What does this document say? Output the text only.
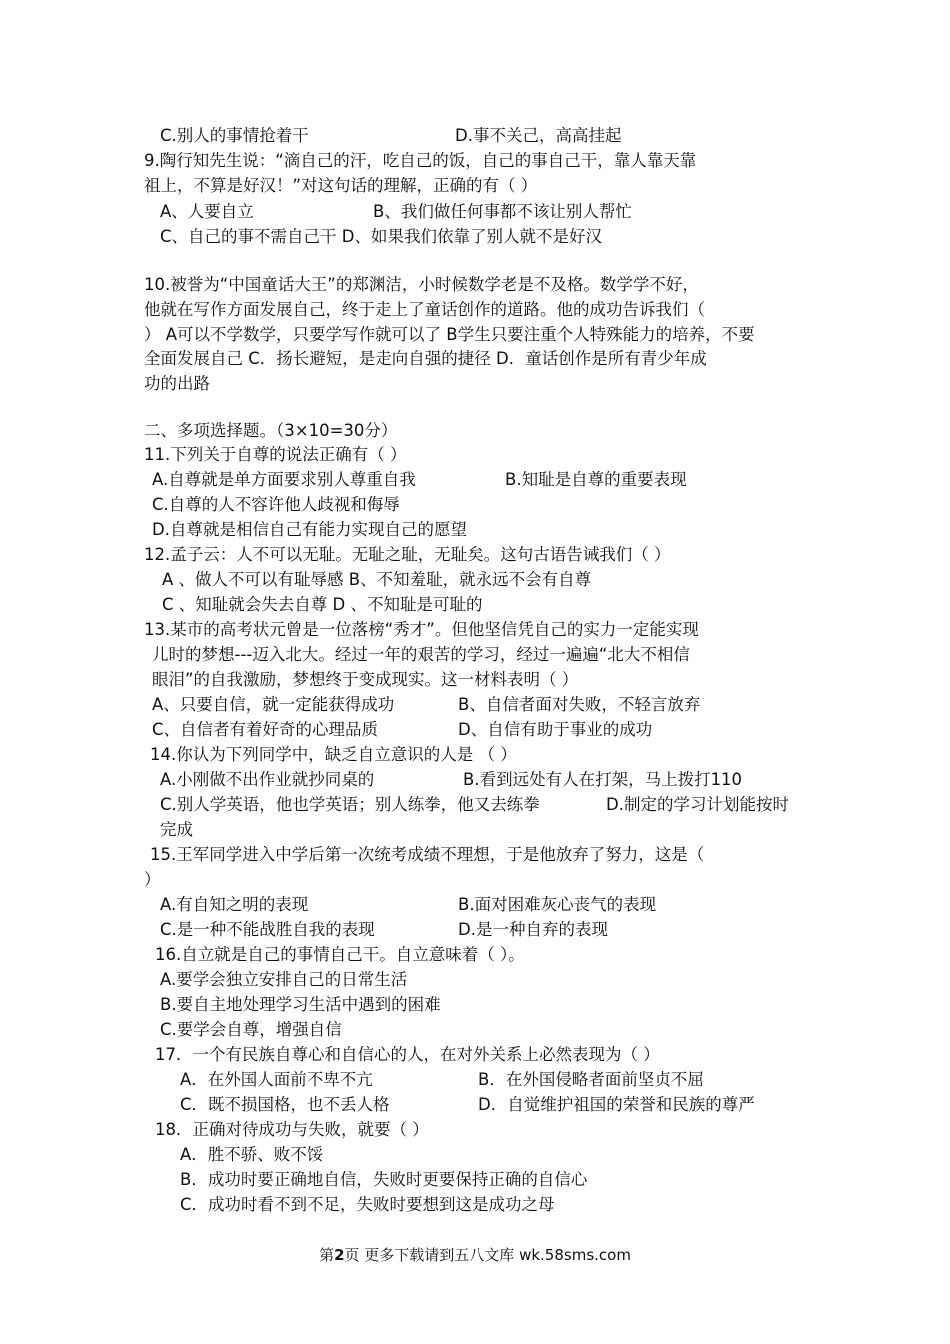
C.别人的事情抢着干	D.事不关己，高高挂起
9.陶行知先生说：“滴自己的汗，吃自己的饭，自己的事自己干，靠人靠天靠
祖上，不算是好汉！”对这句话的理解，正确的有（ ）
A、人要自立	B、我们做任何事都不该让别人帮忙
C、自己的事不需自己干 D、如果我们依靠了别人就不是好汉
10.被誉为“中国童话大王”的郑渊洁，小时候数学老是不及格。数学学不好，
他就在写作方面发展自己，终于走上了童话创作的道路。他的成功告诉我们（
） A可以不学数学，只要学写作就可以了 B学生只要注重个人特殊能力的培养，不要
全面发展自己 C．扬长避短，是走向自强的捷径 D．童话创作是所有青少年成
功的出路
二、多项选择题。（3×10=30分）
11.下列关于自尊的说法正确有（ ）
A.自尊就是单方面要求别人尊重自我	B.知耻是自尊的重要表现
C.自尊的人不容许他人歧视和侮辱
D.自尊就是相信自己有能力实现自己的愿望
12.孟子云：人不可以无耻。无耻之耻，无耻矣。这句古语告诫我们（ ）
A 、做人不可以有耻辱感 B、不知羞耻，就永远不会有自尊
C 、知耻就会失去自尊 D 、不知耻是可耻的
13.某市的高考状元曾是一位落榜“秀才”。但他坚信凭自己的实力一定能实现
儿时的梦想---迈入北大。经过一年的艰苦的学习，经过一遍遍“北大不相信
眼泪”的自我激励，梦想终于变成现实。这一材料表明（ ）
A、只要自信，就一定能获得成功	B、自信者面对失败，不轻言放弃
C、自信者有着好奇的心理品质	D、自信有助于事业的成功
14.你认为下列同学中，缺乏自立意识的人是 （ ）
A.小刚做不出作业就抄同桌的	B.看到远处有人在打架，马上拨打110
C.别人学英语，他也学英语；别人练拳，他又去练拳	D.制定的学习计划能按时
完成
15.王军同学进入中学后第一次统考成绩不理想，于是他放弃了努力，这是（
）
A.有自知之明的表现	B.面对困难灰心丧气的表现
C.是一种不能战胜自我的表现	D.是一种自弃的表现
16.自立就是自己的事情自己干。自立意味着（ ）。
A.要学会独立安排自己的日常生活
B.要自主地处理学习生活中遇到的困难
C.要学会自尊，增强自信
17．一个有民族自尊心和自信心的人，在对外关系上必然表现为（ ）
A．在外国人面前不卑不亢	B．在外国侵略者面前坚贞不屈
C．既不损国格，也不丢人格	D．自觉维护祖国的荣誉和民族的尊严
18．正确对待成功与失败，就要（ ）
A．胜不骄、败不馁
B．成功时要正确地自信，失败时更要保持正确的自信心
C．成功时看不到不足，失败时要想到这是成功之母
第2页 更多下载请到五八文库 wk.58sms.com
